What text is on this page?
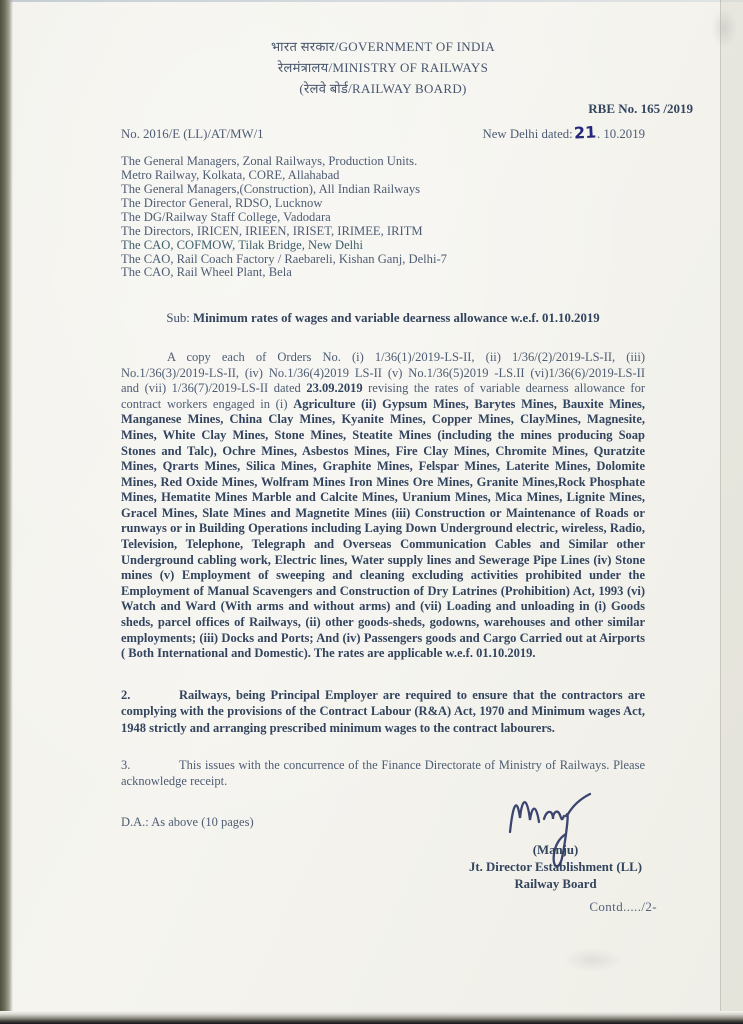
भारत सरकार/GOVERNMENT OF INDIA
रेलमंत्रालय/MINISTRY OF RAILWAYS
(रेलवे बोर्ड/RAILWAY BOARD)
RBE No. 165 /2019
No. 2016/E (LL)/AT/MW/1	New Delhi dated:21. 10.2019
The General Managers, Zonal Railways, Production Units.
Metro Railway, Kolkata, CORE, Allahabad
The General Managers,(Construction), All Indian Railways
The Director General, RDSO, Lucknow
The DG/Railway Staff College, Vadodara
The Directors, IRICEN, IRIEEN, IRISET, IRIMEE, IRITM
The CAO, COFMOW, Tilak Bridge, New Delhi
The CAO, Rail Coach Factory / Raebareli, Kishan Ganj, Delhi-7
The CAO, Rail Wheel Plant, Bela
Sub: Minimum rates of wages and variable dearness allowance w.e.f. 01.10.2019

A copy each of Orders No. (i) 1/36(1)/2019-LS-II, (ii) 1/36/(2)/2019-LS-II, (iii) No.1/36(3)/2019-LS-II, (iv) No.1/36(4)2019 LS-II (v) No.1/36(5)2019 -LS.II (vi)1/36(6)/2019-LS-II and (vii) 1/36(7)/2019-LS-II dated 23.09.2019 revising the rates of variable dearness allowance for contract workers engaged in (i) Agriculture (ii) Gypsum Mines, Barytes Mines, Bauxite Mines, Manganese Mines, China Clay Mines, Kyanite Mines, Copper Mines, ClayMines, Magnesite, Mines, White Clay Mines, Stone Mines, Steatite Mines (including the mines producing Soap Stones and Talc), Ochre Mines, Asbestos Mines, Fire Clay Mines, Chromite Mines, Quratzite Mines, Qrarts Mines, Silica Mines, Graphite Mines, Felspar Mines, Laterite Mines, Dolomite Mines, Red Oxide Mines, Wolfram Mines Iron Mines Ore Mines, Granite Mines,Rock Phosphate Mines, Hematite Mines Marble and Calcite Mines, Uranium Mines, Mica Mines, Lignite Mines, Gracel Mines, Slate Mines and Magnetite Mines (iii) Construction or Maintenance of Roads or runways or in Building Operations including Laying Down Underground electric, wireless, Radio, Television, Telephone, Telegraph and Overseas Communication Cables and Similar other Underground cabling work, Electric lines, Water supply lines and Sewerage Pipe Lines (iv) Stone mines (v) Employment of sweeping and cleaning excluding activities prohibited under the Employment of Manual Scavengers and Construction of Dry Latrines (Prohibition) Act, 1993 (vi) Watch and Ward (With arms and without arms) and (vii) Loading and unloading in (i) Goods sheds, parcel offices of Railways, (ii) other goods-sheds, godowns, warehouses and other similar employments; (iii) Docks and Ports; And (iv) Passengers goods and Cargo Carried out at Airports ( Both International and Domestic). The rates are applicable w.e.f. 01.10.2019.

2.	Railways, being Principal Employer are required to ensure that the contractors are complying with the provisions of the Contract Labour (R&A) Act, 1970 and Minimum wages Act, 1948 strictly and arranging prescribed minimum wages to the contract labourers.

3.	This issues with the concurrence of the Finance Directorate of Ministry of Railways. Please acknowledge receipt.

D.A.: As above (10 pages)
(Manju)
Jt. Director Establishment (LL)
Railway Board
Contd...../2-
